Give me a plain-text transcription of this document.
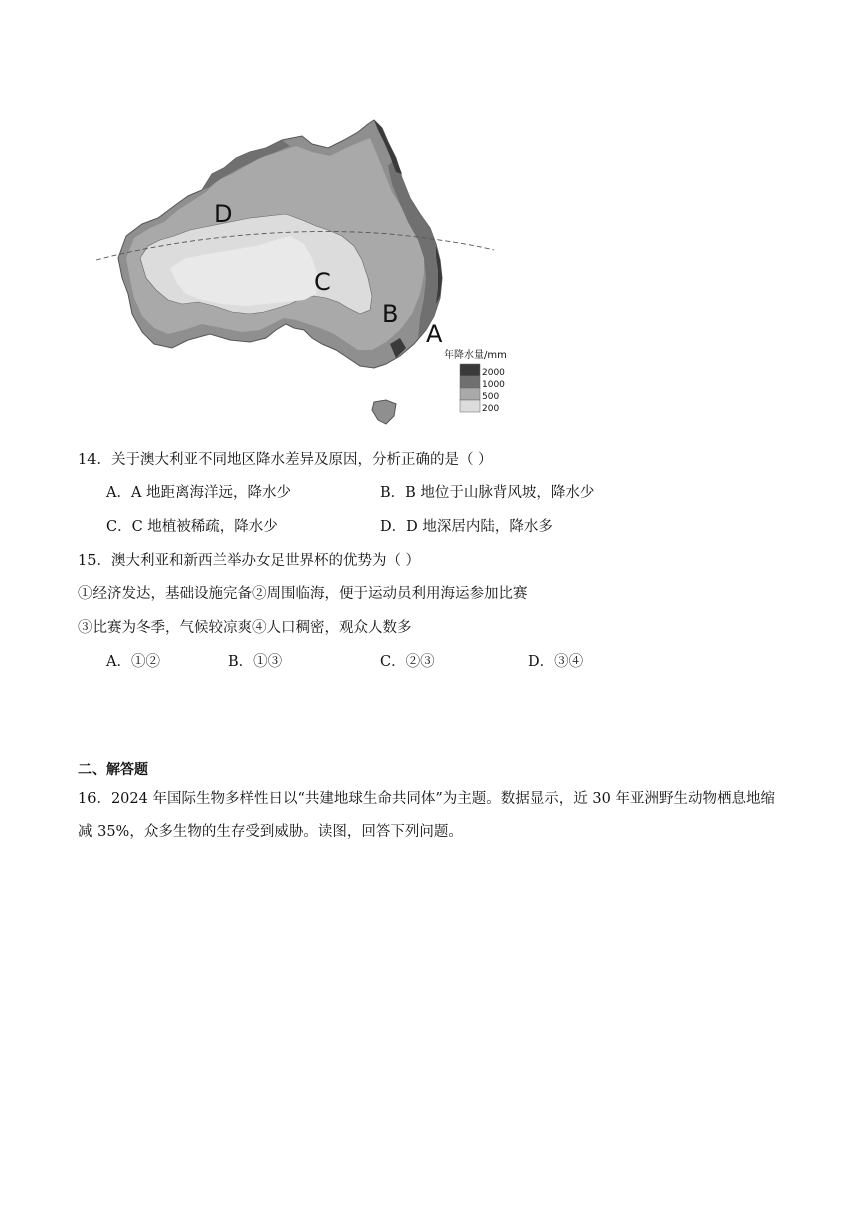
D
C
B
A
年降水量/mm
2000
1000
500
200
14．关于澳大利亚不同地区降水差异及原因，分析正确的是（ ）
A．A 地距离海洋远，降水少	B．B 地位于山脉背风坡，降水少
C．C 地植被稀疏，降水少	D．D 地深居内陆，降水多
15．澳大利亚和新西兰举办女足世界杯的优势为（ ）
①经济发达，基础设施完备②周围临海，便于运动员利用海运参加比赛
③比赛为冬季，气候较凉爽④人口稠密，观众人数多
A．①②	B．①③	C．②③	D．③④
二、解答题
16．2024 年国际生物多样性日以“共建地球生命共同体”为主题。数据显示，近 30 年亚洲野生动物栖息地缩
减 35%，众多生物的生存受到威胁。读图，回答下列问题。
